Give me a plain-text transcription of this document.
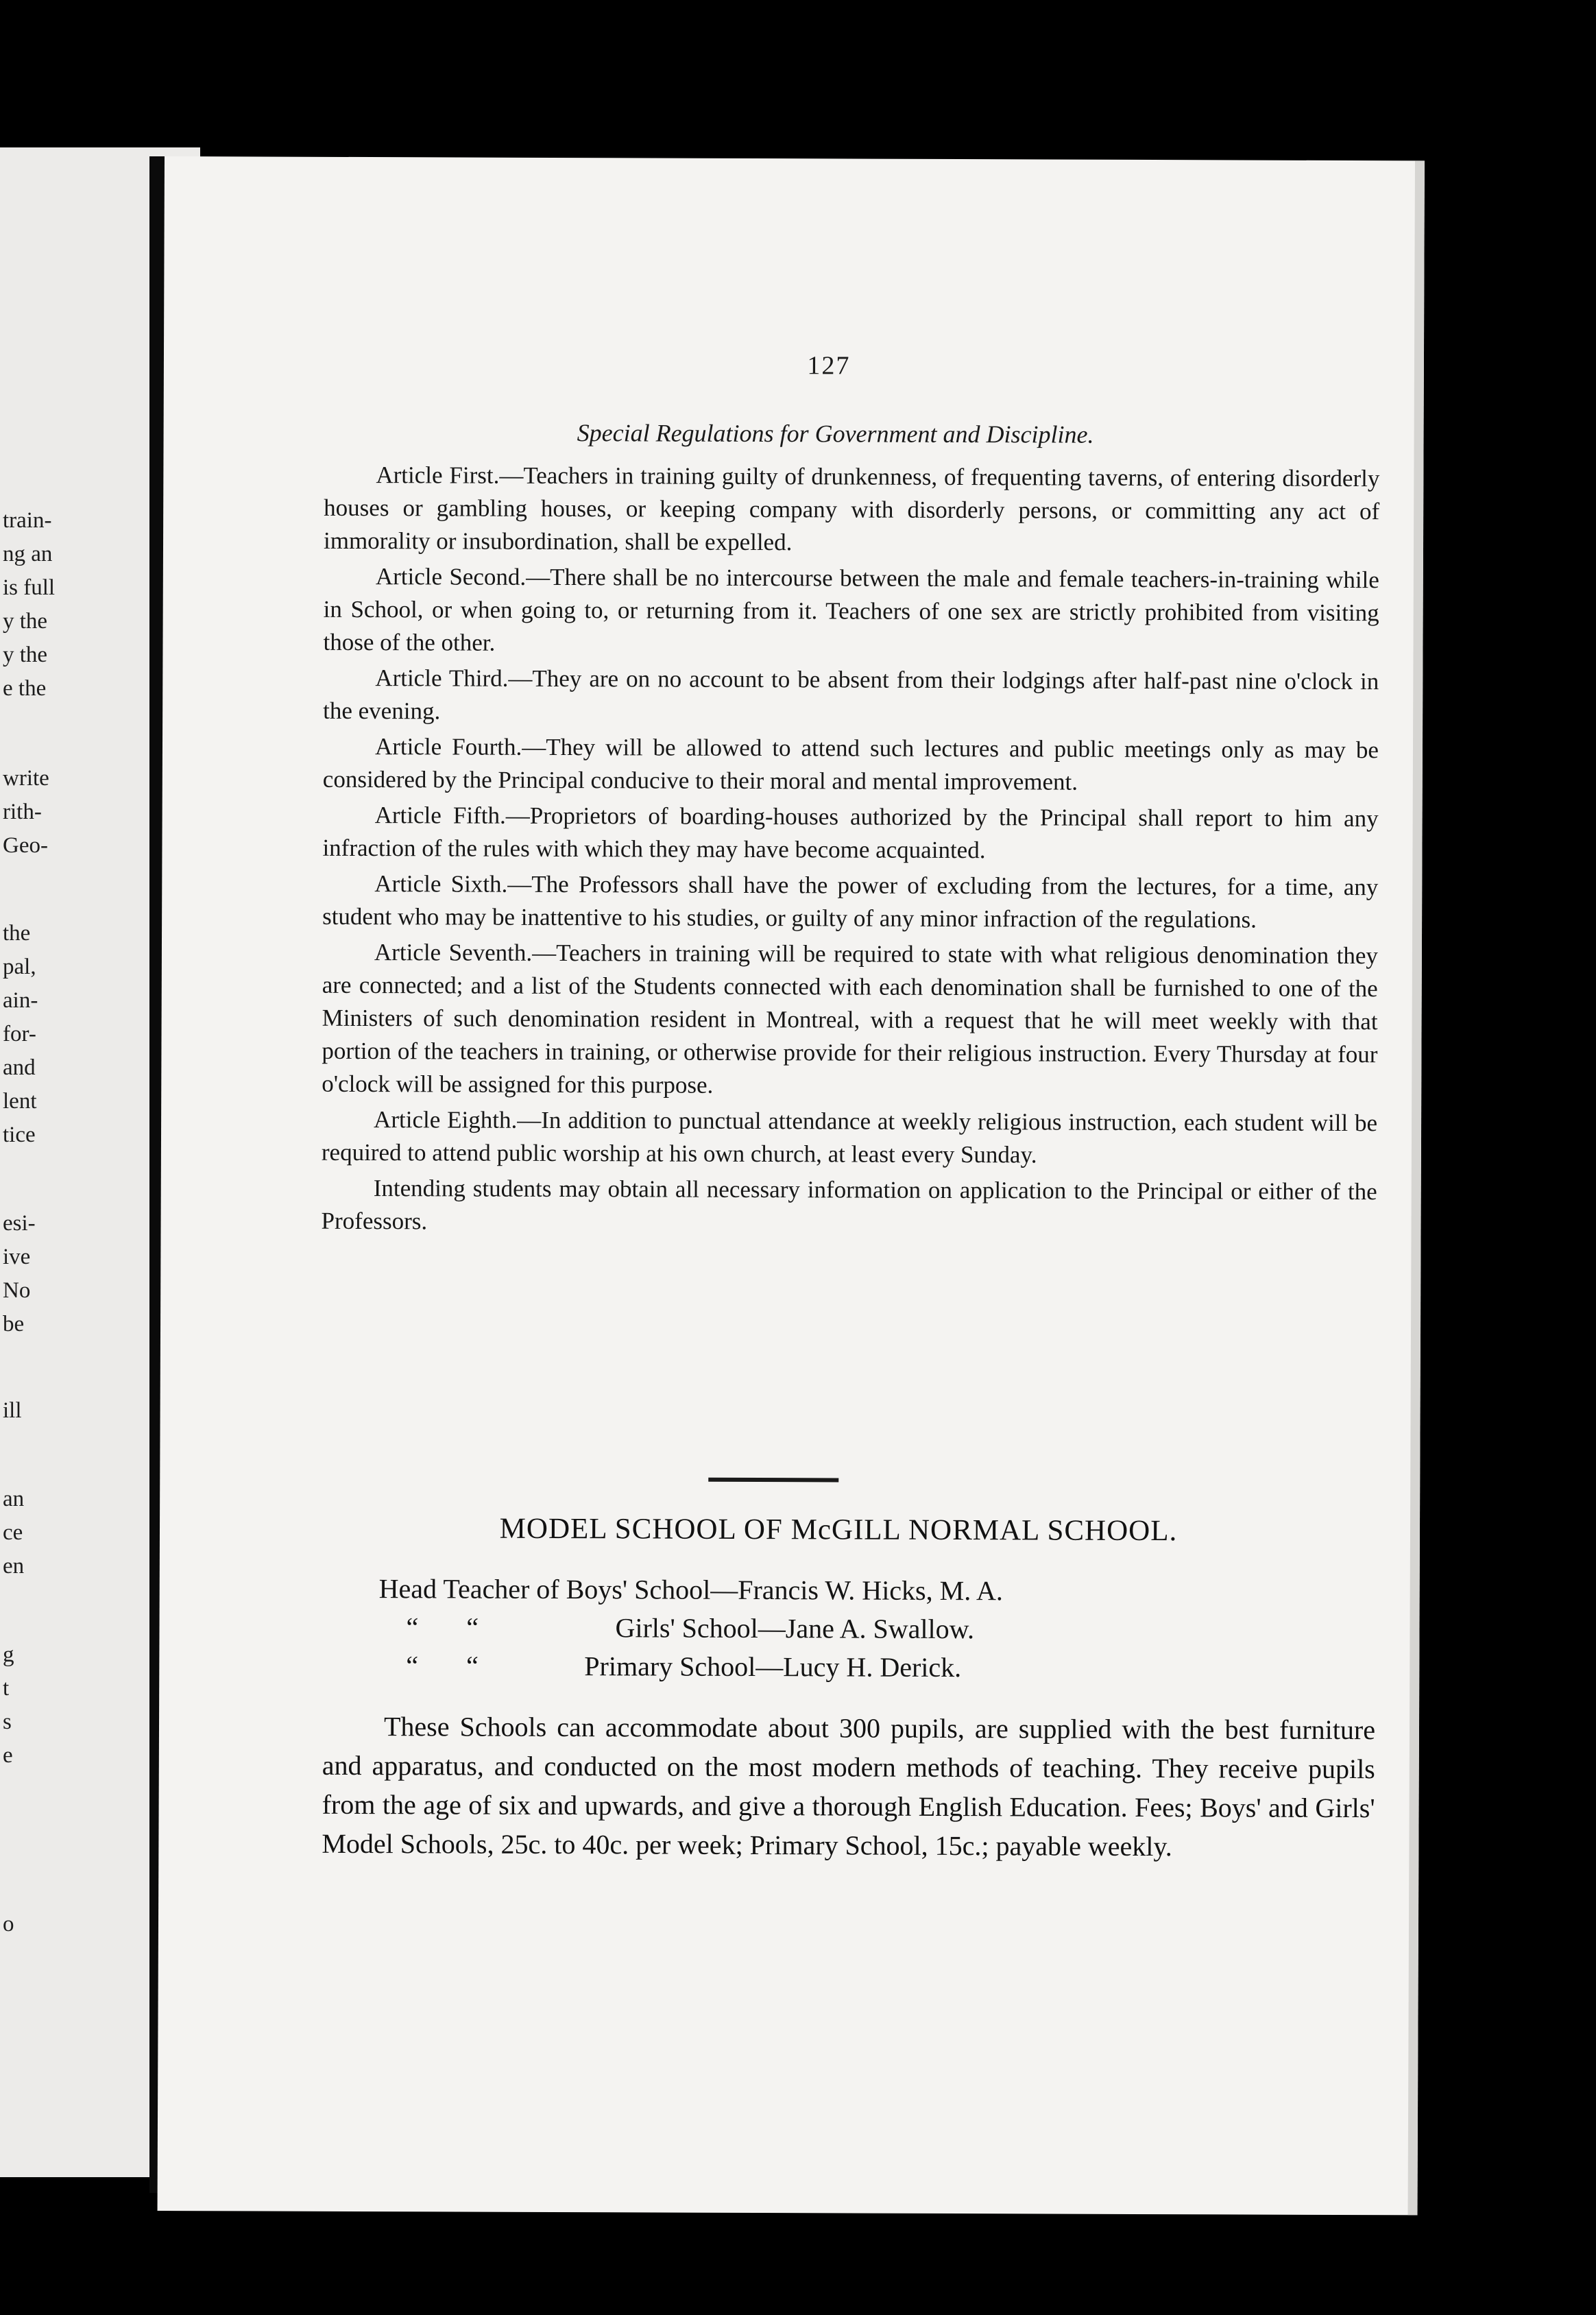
train-
ng an
is full
y the
y the
e the
write
rith-
Geo-
the
pal,
ain-
for-
and
lent
tice
esi-
ive
No
be
ill
an
ce
en
g
t
s
e
o
127
Special Regulations for Government and Discipline.

Article First.—Teachers in training guilty of drunkenness, of frequenting taverns, of entering disorderly houses or gambling houses, or keeping company with disorderly persons, or committing any act of immorality or insubordination, shall be expelled.

Article Second.—There shall be no intercourse between the male and female teachers-in-training while in School, or when going to, or returning from it. Teachers of one sex are strictly prohibited from visiting those of the other.

Article Third.—They are on no account to be absent from their lodgings after half-past nine o'clock in the evening.

Article Fourth.—They will be allowed to attend such lectures and public meetings only as may be considered by the Principal conducive to their moral and mental improvement.

Article Fifth.—Proprietors of boarding-houses authorized by the Principal shall report to him any infraction of the rules with which they may have become acquainted.

Article Sixth.—The Professors shall have the power of excluding from the lectures, for a time, any student who may be inattentive to his studies, or guilty of any minor infraction of the regulations.

Article Seventh.—Teachers in training will be required to state with what religious denomination they are connected; and a list of the Students connected with each denomination shall be furnished to one of the Ministers of such denomination resident in Montreal, with a request that he will meet weekly with that portion of the teachers in training, or otherwise provide for their religious instruction. Every Thursday at four o'clock will be assigned for this purpose.

Article Eighth.—In addition to punctual attendance at weekly religious instruction, each student will be required to attend public worship at his own church, at least every Sunday.

Intending students may obtain all necessary information on application to the Principal or either of the Professors.

MODEL SCHOOL OF McGILL NORMAL SCHOOL.
Head Teacher of Boys' School—Francis W. Hicks, M. A.
“       “	Girls' School—Jane A. Swallow.
“       “	Primary School—Lucy H. Derick.

These Schools can accommodate about 300 pupils, are supplied with the best furniture and apparatus, and conducted on the most modern methods of teaching. They receive pupils from the age of six and upwards, and give a thorough English Education. Fees; Boys' and Girls' Model Schools, 25c. to 40c. per week; Primary School, 15c.; payable weekly.
